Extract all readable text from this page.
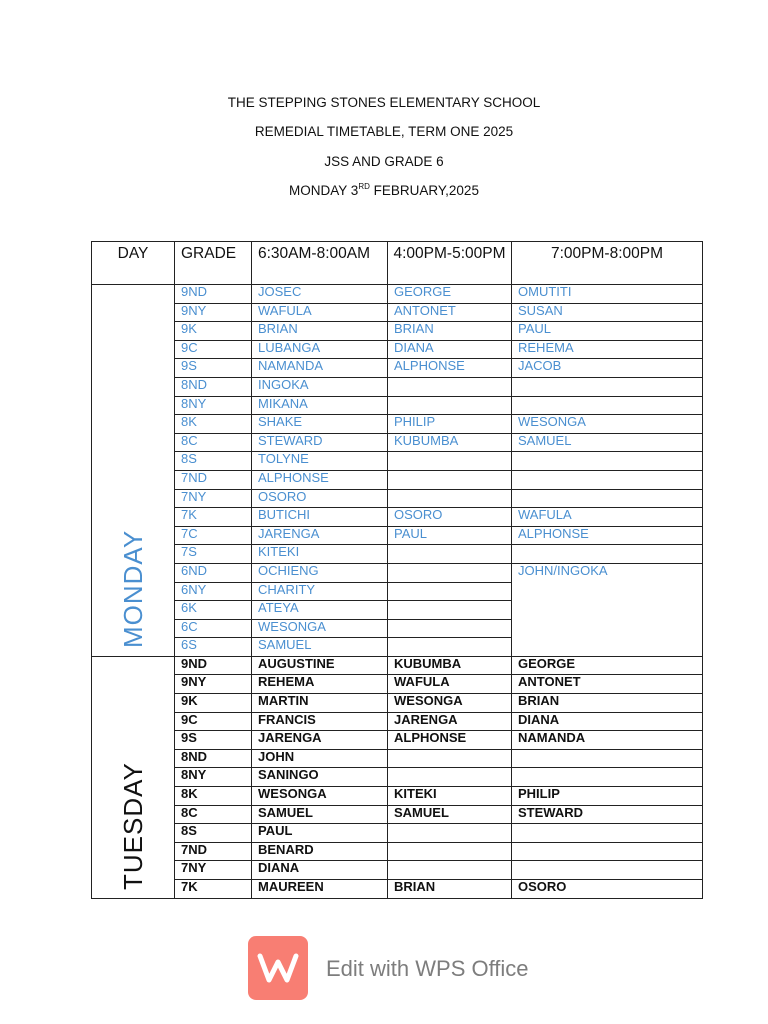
THE STEPPING STONES ELEMENTARY SCHOOL
REMEDIAL TIMETABLE, TERM ONE 2025
JSS AND GRADE 6
MONDAY 3RD FEBRUARY,2025
DAY	GRADE	6:30AM-8:00AM	4:00PM-5:00PM	7:00PM-8:00PM

MONDAY	9ND	JOSEC	GEORGE	OMUTITI
	9NY	WAFULA	ANTONET	SUSAN
	9K	BRIAN	BRIAN	PAUL
	9C	LUBANGA	DIANA	REHEMA
	9S	NAMANDA	ALPHONSE	JACOB
	8ND	INGOKA		
	8NY	MIKANA		
	8K	SHAKE	PHILIP	WESONGA
	8C	STEWARD	KUBUMBA	SAMUEL
	8S	TOLYNE		
	7ND	ALPHONSE		
	7NY	OSORO		
	7K	BUTICHI	OSORO	WAFULA
	7C	JARENGA	PAUL	ALPHONSE
	7S	KITEKI		
	6ND	OCHIENG		JOHN/INGOKA
	6NY	CHARITY		
	6K	ATEYA		
	6C	WESONGA		
	6S	SAMUEL		

TUESDAY	9ND	AUGUSTINE	KUBUMBA	GEORGE
	9NY	REHEMA	WAFULA	ANTONET
	9K	MARTIN	WESONGA	BRIAN
	9C	FRANCIS	JARENGA	DIANA
	9S	JARENGA	ALPHONSE	NAMANDA
	8ND	JOHN		
	8NY	SANINGO		
	8K	WESONGA	KITEKI	PHILIP
	8C	SAMUEL	SAMUEL	STEWARD
	8S	PAUL		
	7ND	BENARD		
	7NY	DIANA		
	7K	MAUREEN	BRIAN	OSORO
Edit with WPS Office
